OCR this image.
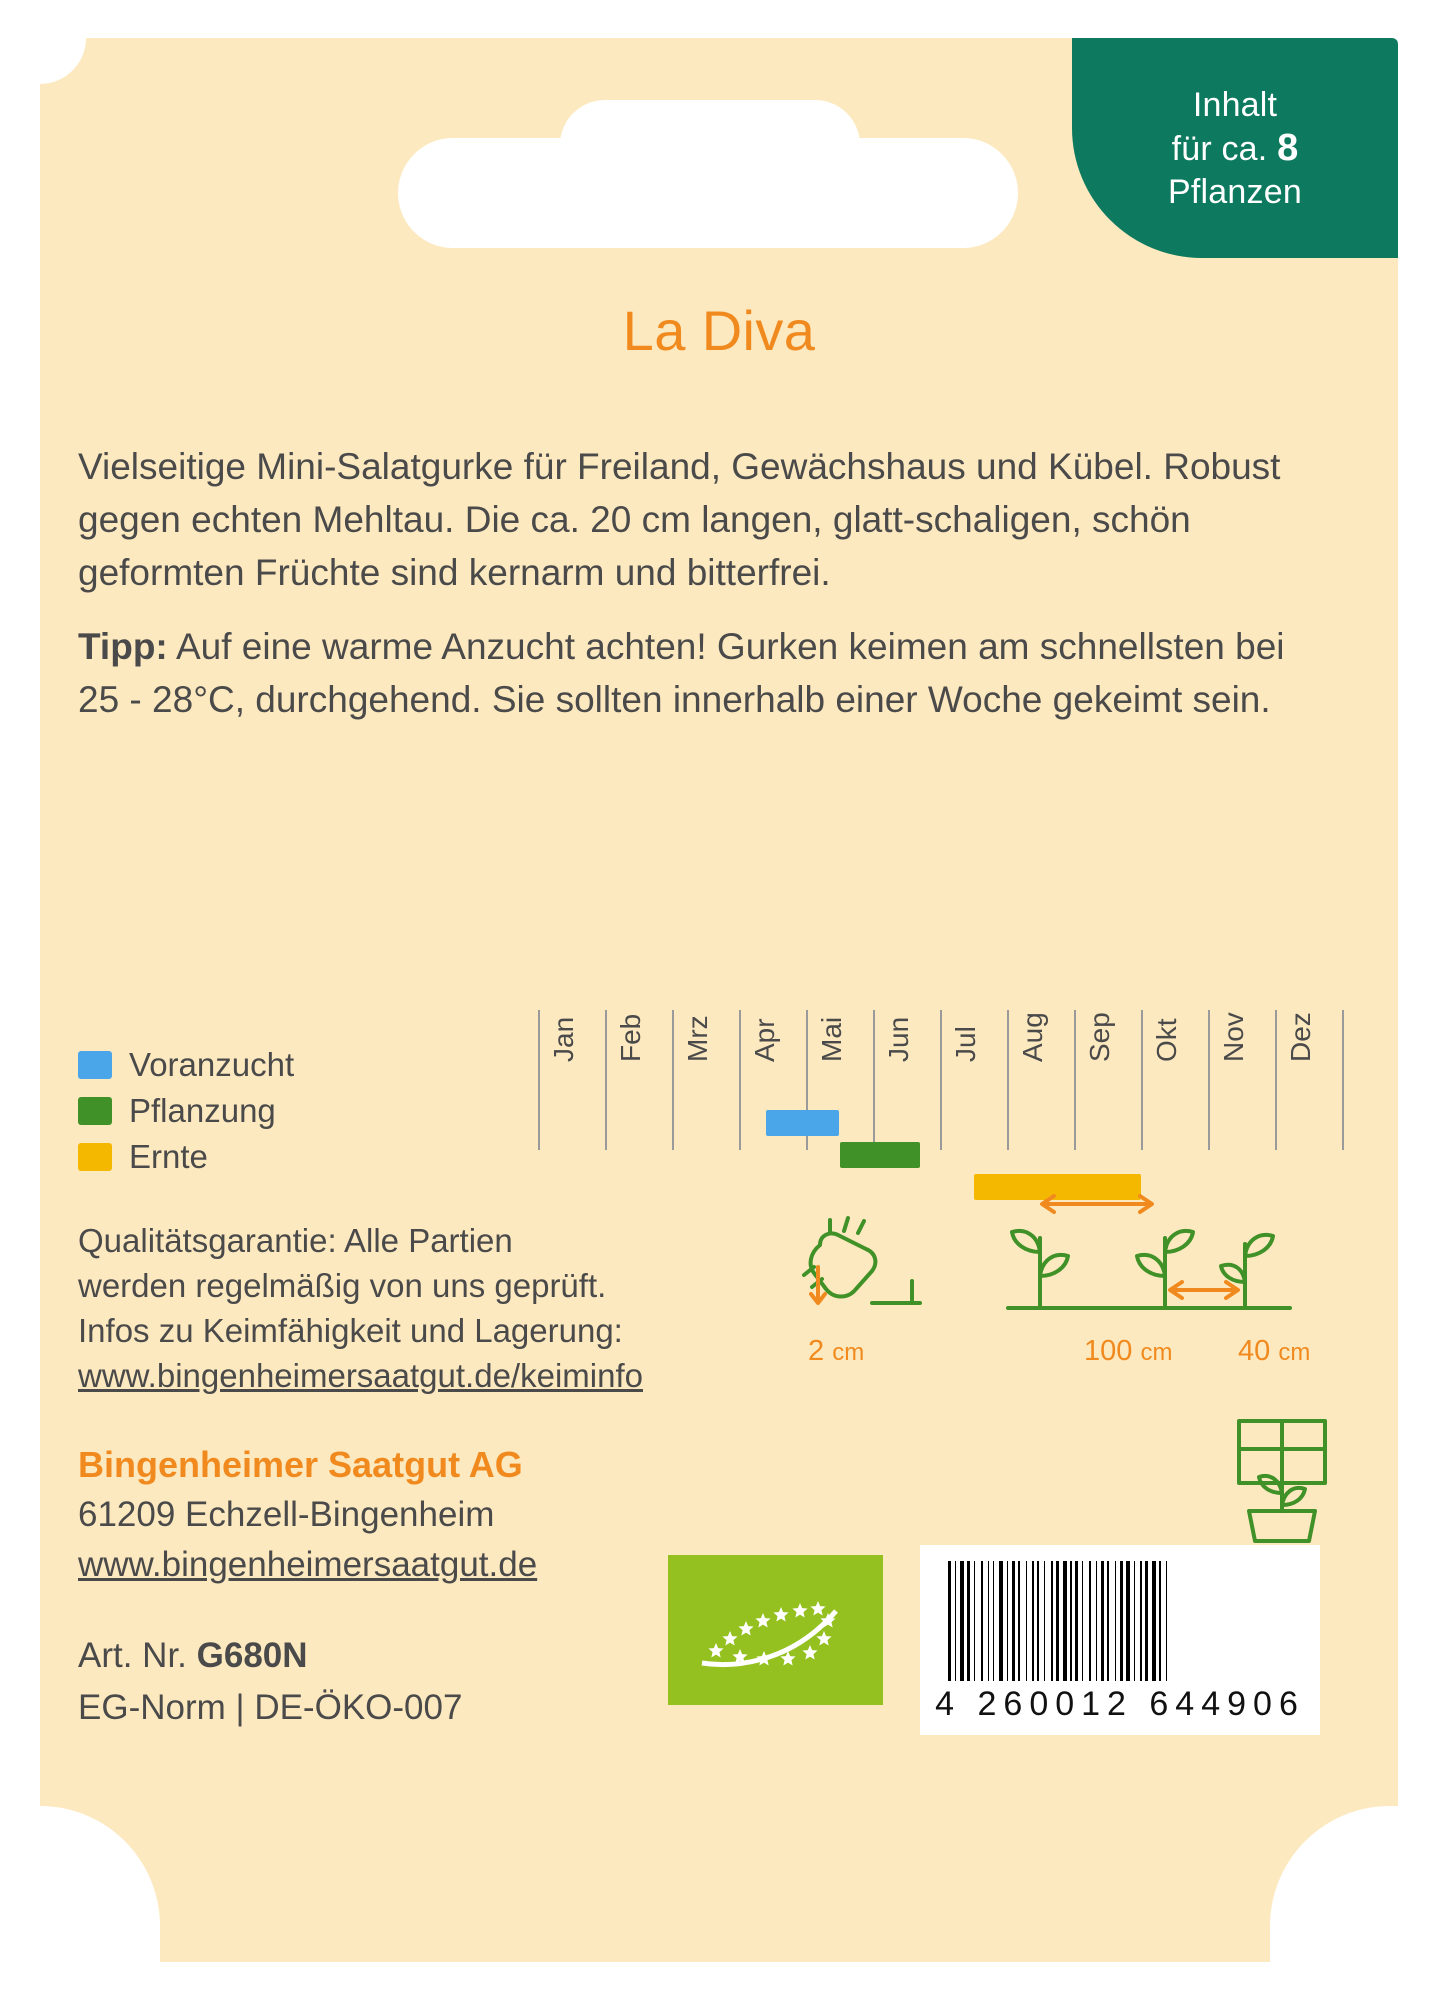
Inhalt
für ca. 8
Pflanzen
La Diva
Vielseitige Mini-Salatgurke für Freiland, Gewächshaus und Kübel. Robust gegen echten Mehltau. Die ca. 20 cm langen, glatt-schaligen, schön geformten Früchte sind kernarm und bitterfrei.
Tipp: Auf eine warme Anzucht achten! Gurken keimen am schnellsten bei 25 - 28°C, durchgehend. Sie sollten innerhalb einer Woche gekeimt sein.
Voranzucht
Pflanzung
Ernte
Jan Feb Mrz Apr Mai Jun Jul Aug Sep Okt Nov Dez
Qualitätsgarantie: Alle Partien
werden regelmäßig von uns geprüft.
Infos zu Keimfähigkeit und Lagerung:
www.bingenheimersaatgut.de/keiminfo
2 cm	100 cm 40 cm
Bingenheimer Saatgut AG
61209 Echzell-Bingenheim
www.bingenheimersaatgut.de
Art. Nr. G680N
EG-Norm | DE-ÖKO-007	4 260012 644906
